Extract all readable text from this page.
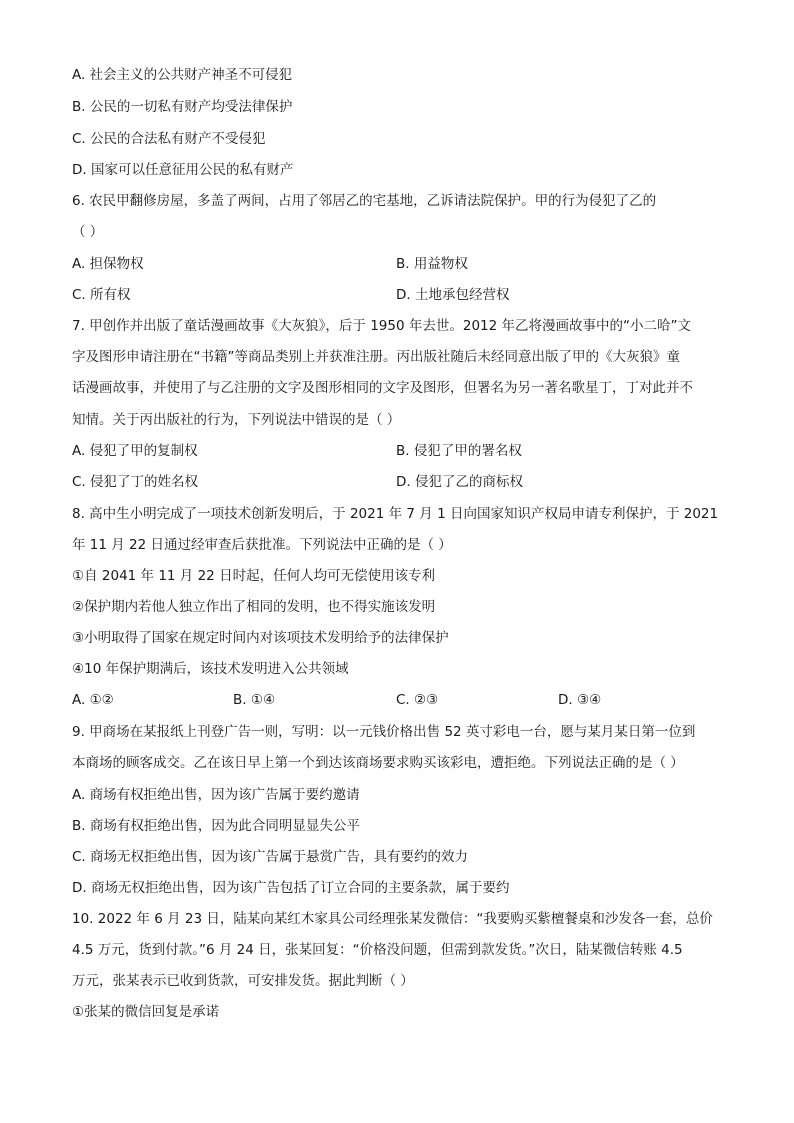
A. 社会主义的公共财产神圣不可侵犯
B. 公民的一切私有财产均受法律保护
C. 公民的合法私有财产不受侵犯
D. 国家可以任意征用公民的私有财产
6. 农民甲翻修房屋，多盖了两间，占用了邻居乙的宅基地，乙诉请法院保护。甲的行为侵犯了乙的
（ ）
A. 担保物权	B. 用益物权
C. 所有权	D. 土地承包经营权
7. 甲创作并出版了童话漫画故事《大灰狼》，后于 1950 年去世。2012 年乙将漫画故事中的“小二哈”文
字及图形申请注册在“书籍”等商品类别上并获准注册。丙出版社随后未经同意出版了甲的《大灰狼》童
话漫画故事，并使用了与乙注册的文字及图形相同的文字及图形，但署名为另一著名歌星丁，丁对此并不
知情。关于丙出版社的行为，下列说法中错误的是（ ）
A. 侵犯了甲的复制权	B. 侵犯了甲的署名权
C. 侵犯了丁的姓名权	D. 侵犯了乙的商标权
8. 高中生小明完成了一项技术创新发明后，于 2021 年 7 月 1 日向国家知识产权局申请专利保护，于 2021
年 11 月 22 日通过经审查后获批准。下列说法中正确的是（ ）
①自 2041 年 11 月 22 日时起，任何人均可无偿使用该专利
②保护期内若他人独立作出了相同的发明，也不得实施该发明
③小明取得了国家在规定时间内对该项技术发明给予的法律保护
④10 年保护期满后，该技术发明进入公共领域
A. ①②	B. ①④	C. ②③	D. ③④
9. 甲商场在某报纸上刊登广告一则，写明：以一元钱价格出售 52 英寸彩电一台，愿与某月某日第一位到
本商场的顾客成交。乙在该日早上第一个到达该商场要求购买该彩电，遭拒绝。下列说法正确的是（ ）
A. 商场有权拒绝出售，因为该广告属于要约邀请
B. 商场有权拒绝出售，因为此合同明显显失公平
C. 商场无权拒绝出售，因为该广告属于悬赏广告，具有要约的效力
D. 商场无权拒绝出售，因为该广告包括了订立合同的主要条款，属于要约
10. 2022 年 6 月 23 日，陆某向某红木家具公司经理张某发微信：“我要购买紫檀餐桌和沙发各一套，总价
4.5 万元，货到付款。”6 月 24 日，张某回复：“价格没问题，但需到款发货。”次日，陆某微信转账 4.5
万元，张某表示已收到货款，可安排发货。据此判断（ ）
①张某的微信回复是承诺
